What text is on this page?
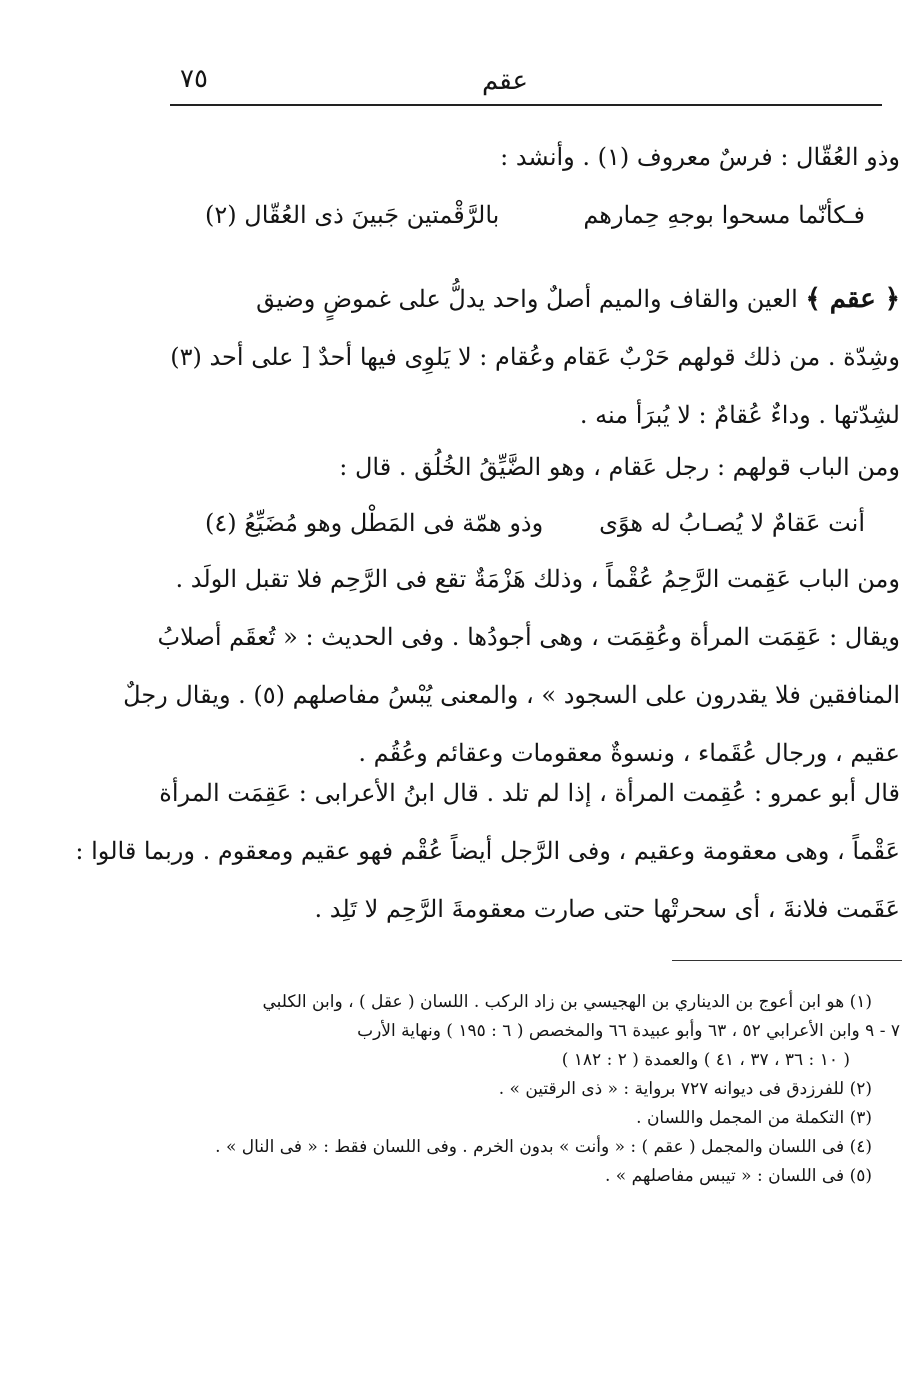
٧٥	عقم
وذو العُقّال : فرسٌ معروف (١) . وأنشد :
فـكأنّما مسحوا بوجهِ حِمارهم
بالرَّقْمتين جَبينَ ذى العُقّال (٢)
﴿ عقم ﴾ العين والقاف والميم أصلٌ واحد يدلُّ على غموضٍ وضيق
وشِدّة . من ذلك قولهم حَرْبٌ عَقام وعُقام : لا يَلوِى فيها أحدٌ [ على أحد (٣)
لشِدّتها . وداءٌ عُقامٌ : لا يُبرَأ منه .
ومن الباب قولهم : رجل عَقام ، وهو الضَّيِّقُ الخُلُق . قال :
أنت عَقامٌ لا يُصـابُ له هوًى
وذو همّة فى المَطْل وهو مُضَيِّعُ (٤)
ومن الباب عَقِمت الرَّحِمُ عُقْماً ، وذلك هَزْمَةٌ تقع فى الرَّحِم فلا تقبل الولَد .
ويقال : عَقِمَت المرأة وعُقِمَت ، وهى أجودُها . وفى الحديث : « تُعقَم أصلابُ
المنافقين فلا يقدرون على السجود » ، والمعنى يُبْسُ مفاصلهم (٥) . ويقال رجلٌ
عقيم ، ورجال عُقَماء ، ونسوةٌ معقومات وعقائم وعُقُم .
قال أبو عمرو : عُقِمت المرأة ، إذا لم تلد . قال ابنُ الأعرابى : عَقِمَت المرأة
عَقْماً ، وهى معقومة وعقيم ، وفى الرَّجل أيضاً عُقْم فهو عقيم ومعقوم . وربما قالوا :
عَقَمت فلانةَ ، أى سحرتْها حتى صارت معقومةَ الرَّحِم لا تَلِد .
(١) هو ابن أعوج بن الديناري بن الهجيسي بن زاد الركب . اللسان ( عقل ) ، وابن الكلبي
٧ - ٩ وابن الأعرابي ٥٢ ، ٦٣ وأبو عبيدة ٦٦ والمخصص ( ٦ : ١٩٥ ) ونهاية الأرب
( ١٠ : ٣٦ ، ٣٧ ، ٤١ ) والعمدة ( ٢ : ١٨٢ )
(٢) للفرزدق فى ديوانه ٧٢٧ برواية : « ذى الرقتين » .
(٣) التكملة من المجمل واللسان .
(٤) فى اللسان والمجمل ( عقم ) : « وأنت » بدون الخرم . وفى اللسان فقط : « فى النال » .
(٥) فى اللسان : « تيبس مفاصلهم » .
